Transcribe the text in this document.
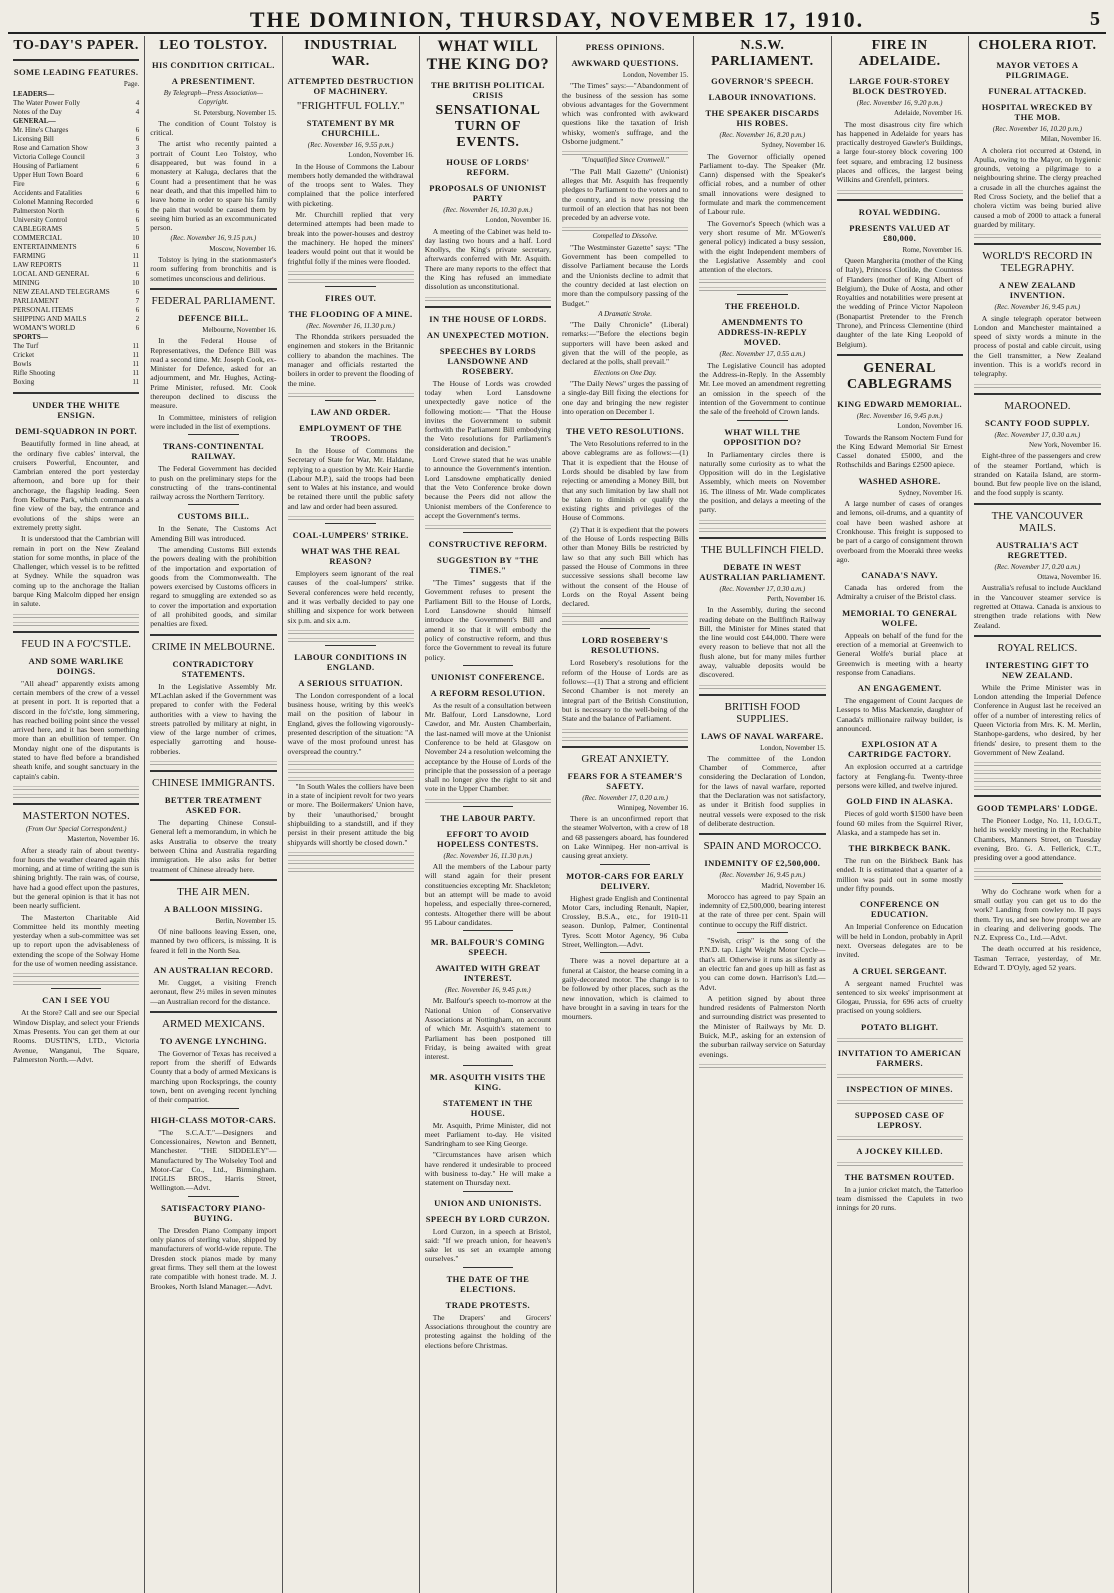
THE DOMINION, THURSDAY, NOVEMBER 17, 1910.	5
TO-DAY'S PAPER.
SOME LEADING FEATURES.
Page.
LEADERS—
The Water Power Folly	4
Notes of the Day	4
GENERAL—
Mr. Hine's Charges	6
Licensing Bill	6
Rose and Carnation Show	3
Victoria College Council	3
Housing of Parliament	6
Upper Hutt Town Board	6
Fire	6
Accidents and Fatalities	6
Colonel Manning Recorded	6
Palmerston North	6
University Control	6
CABLEGRAMS	5
COMMERCIAL	10
ENTERTAINMENTS	6
FARMING	11
LAW REPORTS	11
LOCAL AND GENERAL	6
MINING	10
NEW ZEALAND TELEGRAMS	6
PARLIAMENT	7
PERSONAL ITEMS	6
SHIPPING AND MAILS	2
WOMAN'S WORLD	6
SPORTS—
The Turf	11
Cricket	11
Bowls	11
Rifle Shooting	11
Boxing	11
UNDER THE WHITE ENSIGN.
DEMI-SQUADRON IN PORT.

Beautifully formed in line ahead, at the ordinary five cables' interval, the cruisers Powerful, Encounter, and Cambrian entered the port yesterday afternoon, and bore up for their anchorage, the flagship leading. Seen from Kelburne Park, which commands a fine view of the bay, the entrance and evolutions of the ships were an extremely pretty sight.

It is understood that the Cambrian will remain in port on the New Zealand station for some months, in place of the Challenger, which vessel is to be refitted at Sydney. While the squadron was coming up to the anchorage the Italian barque King Malcolm dipped her ensign in salute.

FEUD IN A FO'C'STLE.
AND SOME WARLIKE DOINGS.

"All ahead" apparently exists among certain members of the crew of a vessel at present in port. It is reported that a discord in the fo'c'stle, long simmering, has reached boiling point since the vessel arrived here, and it has been something more than an ebullition of temper. On Monday night one of the disputants is stated to have fled before a brandished sheath knife, and sought sanctuary in the captain's cabin.

MASTERTON NOTES.
(From Our Special Correspondent.)
Masterton, November 16.

After a steady rain of about twenty-four hours the weather cleared again this morning, and at time of writing the sun is shining brightly. The rain was, of course, have had a good effect upon the pastures, but the general opinion is that it has not been nearly sufficient.

The Masterton Charitable Aid Committee held its monthly meeting yesterday when a sub-committee was set up to report upon the advisableness of extending the scope of the Solway Home for the use of women needing assistance.

CAN I SEE YOU

At the Store? Call and see our Special Window Display, and select your Friends Xmas Presents. You can get them at our Rooms. DUSTIN'S, LTD., Victoria Avenue, Wanganui, The Square, Palmerston North.—Advt.

LEO TOLSTOY.
HIS CONDITION CRITICAL.
A PRESENTIMENT.
By Telegraph—Press Association—Copyright.
St. Petersburg, November 15.

The condition of Count Tolstoy is critical.

The artist who recently painted a portrait of Count Leo Tolstoy, who disappeared, but was found in a monastery at Kaluga, declares that the Count had a presentiment that he was near death, and that this impelled him to leave home in order to spare his family the pain that would be caused them by seeing him buried as an excommunicated person.

(Rec. November 16, 9.15 p.m.)
Moscow, November 16.

Tolstoy is lying in the stationmaster's room suffering from bronchitis and is sometimes unconscious and delirious.

FEDERAL PARLIAMENT.
DEFENCE BILL.
Melbourne, November 16.

In the Federal House of Representatives, the Defence Bill was read a second time. Mr. Joseph Cook, ex-Minister for Defence, asked for an adjournment, and Mr. Hughes, Acting-Prime Minister, refused. Mr. Cook thereupon declined to discuss the measure.

In Committee, ministers of religion were included in the list of exemptions.

TRANS-CONTINENTAL RAILWAY.

The Federal Government has decided to push on the preliminary steps for the constructing of the trans-continental railway across the Northern Territory.

CUSTOMS BILL.

In the Senate, The Customs Act Amending Bill was introduced.

The amending Customs Bill extends the powers dealing with the prohibition of the importation and exportation of goods from the Commonwealth. The powers exercised by Customs officers in regard to smuggling are extended so as to cover the importation and exportation of all prohibited goods, and similar penalties are fixed.

CRIME IN MELBOURNE.
CONTRADICTORY STATEMENTS.

In the Legislative Assembly Mr. M'Lachlan asked if the Government was prepared to confer with the Federal authorities with a view to having the streets patrolled by military at night, in view of the large number of crimes, especially garrotting and house-robberies.

CHINESE IMMIGRANTS.
BETTER TREATMENT ASKED FOR.

The departing Chinese Consul-General left a memorandum, in which he asks Australia to observe the treaty between China and Australia regarding immigration. He also asks for better treatment of Chinese already here.

THE AIR MEN.
A BALLOON MISSING.
Berlin, November 15.

Of nine balloons leaving Essen, one, manned by two officers, is missing. It is feared it fell in the North Sea.

AN AUSTRALIAN RECORD.

Mr. Cugget, a visiting French aeronaut, flew 2½ miles in seven minutes—an Australian record for the distance.

ARMED MEXICANS.
TO AVENGE LYNCHING.

The Governor of Texas has received a report from the sheriff of Edwards County that a body of armed Mexicans is marching upon Rocksprings, the county town, bent on avenging recent lynching of their compatriot.

HIGH-CLASS MOTOR-CARS.

"The S.C.A.T."—Designers and Concessionaires, Newton and Bennett, Manchester. "THE SIDDELEY"—Manufactured by The Wolseley Tool and Motor-Car Co., Ltd., Birmingham. INGLIS BROS., Harris Street, Wellington.—Advt.

SATISFACTORY PIANO-BUYING.

The Dresden Piano Company import only pianos of sterling value, shipped by manufacturers of world-wide repute. The Dresden stock pianos made by many great firms. They sell them at the lowest rate compatible with honest trade. M. J. Brookes, North Island Manager.—Advt.

INDUSTRIAL WAR.
ATTEMPTED DESTRUCTION OF MACHINERY.
"FRIGHTFUL FOLLY."
STATEMENT BY MR CHURCHILL.
(Rec. November 16, 9.55 p.m.)
London, November 16.

In the House of Commons the Labour members hotly demanded the withdrawal of the troops sent to Wales. They complained that the police interfered with picketing.

Mr. Churchill replied that very determined attempts had been made to break into the power-houses and destroy the machinery. He hoped the miners' leaders would point out that it would be frightful folly if the mines were flooded.

FIRES OUT.
THE FLOODING OF A MINE.
(Rec. November 16, 11.30 p.m.)

The Rhondda strikers persuaded the enginemen and stokers in the Britannic colliery to abandon the machines. The manager and officials restarted the boilers in order to prevent the flooding of the mine.

LAW AND ORDER.
EMPLOYMENT OF THE TROOPS.

In the House of Commons the Secretary of State for War, Mr. Haldane, replying to a question by Mr. Keir Hardie (Labour M.P.), said the troops had been sent to Wales at his instance, and would be retained there until the public safety and law and order had been assured.

COAL-LUMPERS' STRIKE.
WHAT WAS THE REAL REASON?

Employers seem ignorant of the real causes of the coal-lumpers' strike. Several conferences were held recently, and it was verbally decided to pay one shilling and sixpence for work between six p.m. and six a.m.

LABOUR CONDITIONS IN ENGLAND.
A SERIOUS SITUATION.

The London correspondent of a local business house, writing by this week's mail on the position of labour in England, gives the following vigorously-presented description of the situation: "A wave of the most profound unrest has overspread the country."

"In South Wales the colliers have been in a state of incipient revolt for two years or more. The Boilermakers' Union have, by their 'unauthorised,' brought shipbuilding to a standstill, and if they persist in their present attitude the big shipyards will shortly be closed down."

WHAT WILL THE KING DO?
THE BRITISH POLITICAL CRISIS
SENSATIONAL TURN OF EVENTS.
HOUSE OF LORDS' REFORM.
PROPOSALS OF UNIONIST PARTY
(Rec. November 16, 10.30 p.m.)
London, November 16.

A meeting of the Cabinet was held to-day lasting two hours and a half. Lord Knollys, the King's private secretary, afterwards conferred with Mr. Asquith. There are many reports to the effect that the King has refused an immediate dissolution as unconstitutional.

IN THE HOUSE OF LORDS.
AN UNEXPECTED MOTION.
SPEECHES BY LORDS LANSDOWNE AND ROSEBERY.

The House of Lords was crowded today when Lord Lansdowne unexpectedly gave notice of the following motion:— "That the House invites the Government to submit forthwith the Parliament Bill embodying the Veto resolutions for Parliament's consideration and decision."

Lord Crewe stated that he was unable to announce the Government's intention. Lord Lansdowne emphatically denied that the Veto Conference broke down because the Peers did not allow the Unionist members of the Conference to accept the Government's terms.

CONSTRUCTIVE REFORM.
SUGGESTION BY "THE TIMES."

"The Times" suggests that if the Government refuses to present the Parliament Bill to the House of Lords, Lord Lansdowne should himself introduce the Government's Bill and amend it so that it will embody the policy of constructive reform, and thus force the Government to reveal its future policy.

UNIONIST CONFERENCE.
A REFORM RESOLUTION.

As the result of a consultation between Mr. Balfour, Lord Lansdowne, Lord Cawdor, and Mr. Austen Chamberlain, the last-named will move at the Unionist Conference to be held at Glasgow on November 24 a resolution welcoming the acceptance by the House of Lords of the principle that the possession of a peerage shall no longer give the right to sit and vote in the Upper Chamber.

THE LABOUR PARTY.
EFFORT TO AVOID HOPELESS CONTESTS.
(Rec. November 16, 11.30 p.m.)

All the members of the Labour party will stand again for their present constituencies excepting Mr. Shackleton; but an attempt will be made to avoid hopeless, and especially three-cornered, contests. Altogether there will be about 95 Labour candidates.

MR. BALFOUR'S COMING SPEECH.
AWAITED WITH GREAT INTEREST.
(Rec. November 16, 9.45 p.m.)

Mr. Balfour's speech to-morrow at the National Union of Conservative Associations at Nottingham, on account of which Mr. Asquith's statement to Parliament has been postponed till Friday, is being awaited with great interest.

MR. ASQUITH VISITS THE KING.
STATEMENT IN THE HOUSE.

Mr. Asquith, Prime Minister, did not meet Parliament to-day. He visited Sandringham to see King George.

"Circumstances have arisen which have rendered it undesirable to proceed with business to-day." He will make a statement on Thursday next.

UNION AND UNIONISTS.
SPEECH BY LORD CURZON.

Lord Curzon, in a speech at Bristol, said: "If we preach union, for heaven's sake let us set an example among ourselves."

THE DATE OF THE ELECTIONS.
TRADE PROTESTS.

The Drapers' and Grocers' Associations throughout the country are protesting against the holding of the elections before Christmas.

PRESS OPINIONS.
AWKWARD QUESTIONS.
London, November 15.

"The Times" says:—"Abandonment of the business of the session has some obvious advantages for the Government which was confronted with awkward questions like the taxation of Irish whisky, women's suffrage, and the Osborne judgment."

"Unqualified Since Cromwell."

"The Pall Mall Gazette" (Unionist) alleges that Mr. Asquith has frequently pledges to Parliament to the voters and to the country, and is now pressing the turmoil of an election that has not been preceded by an adverse vote.

Compelled to Dissolve.

"The Westminster Gazette" says: "The Government has been compelled to dissolve Parliament because the Lords and the Unionists decline to admit that the country decided at last election on more than the compulsory passing of the Budget."

A Dramatic Stroke.

"The Daily Chronicle" (Liberal) remarks:—"Before the elections begin supporters will have been asked and given that the will of the people, as declared at the polls, shall prevail."

Elections on One Day.

"The Daily News" urges the passing of a single-day Bill fixing the elections for one day and bringing the new register into operation on December 1.

THE VETO RESOLUTIONS.

The Veto Resolutions referred to in the above cablegrams are as follows:—(1) That it is expedient that the House of Lords should be disabled by law from rejecting or amending a Money Bill, but that any such limitation by law shall not be taken to diminish or qualify the existing rights and privileges of the House of Commons.

(2) That it is expedient that the powers of the House of Lords respecting Bills other than Money Bills be restricted by law so that any such Bill which has passed the House of Commons in three successive sessions shall become law without the consent of the House of Lords on the Royal Assent being declared.

LORD ROSEBERY'S RESOLUTIONS.

Lord Rosebery's resolutions for the reform of the House of Lords are as follows:—(1) That a strong and efficient Second Chamber is not merely an integral part of the British Constitution, but is necessary to the well-being of the State and the balance of Parliament.

GREAT ANXIETY.
FEARS FOR A STEAMER'S SAFETY.
(Rec. November 17, 0.20 a.m.)
Winnipeg, November 16.

There is an unconfirmed report that the steamer Wolverton, with a crew of 18 and 68 passengers aboard, has foundered on Lake Winnipeg. Her non-arrival is causing great anxiety.

MOTOR-CARS FOR EARLY DELIVERY.

Highest grade English and Continental Motor Cars, including Renault, Napier, Crossley, B.S.A., etc., for 1910-11 season. Dunlop, Palmer, Continental Tyres. Scott Motor Agency, 96 Cuba Street, Wellington.—Advt.

There was a novel departure at a funeral at Caistor, the hearse coming in a gaily-decorated motor. The change is to be followed by other places, such as the new innovation, which is claimed to have brought in a saving in tears for the mourners.

N.S.W. PARLIAMENT.
GOVERNOR'S SPEECH.
LABOUR INNOVATIONS.
THE SPEAKER DISCARDS HIS ROBES.
(Rec. November 16, 8.20 p.m.)
Sydney, November 16.

The Governor officially opened Parliament to-day. The Speaker (Mr. Cann) dispensed with the Speaker's official robes, and a number of other small innovations were designed to formulate and mark the commencement of Labour rule.

The Governor's Speech (which was a very short resume of Mr. M'Gowen's general policy) indicated a busy session, with the eight Independent members of the Legislative Assembly and cool attention of the electors.

THE FREEHOLD.
AMENDMENTS TO ADDRESS-IN-REPLY MOVED.
(Rec. November 17, 0.55 a.m.)

The Legislative Council has adopted the Address-in-Reply. In the Assembly Mr. Lee moved an amendment regretting an omission in the speech of the intention of the Government to continue the sale of the freehold of Crown lands.

WHAT WILL THE OPPOSITION DO?

In Parliamentary circles there is naturally some curiosity as to what the Opposition will do in the Legislative Assembly, which meets on November 16. The illness of Mr. Wade complicates the position, and delays a meeting of the party.

THE BULLFINCH FIELD.
DEBATE IN WEST AUSTRALIAN PARLIAMENT.
(Rec. November 17, 0.30 a.m.)
Perth, November 16.

In the Assembly, during the second reading debate on the Bullfinch Railway Bill, the Minister for Mines stated that the line would cost £44,000. There were every reason to believe that not all the flush alone, but for many miles further away, valuable deposits would be discovered.

BRITISH FOOD SUPPLIES.
LAWS OF NAVAL WARFARE.
London, November 15.

The committee of the London Chamber of Commerce, after considering the Declaration of London, for the laws of naval warfare, reported that the Declaration was not satisfactory, as under it British food supplies in neutral vessels were exposed to the risk of deliberate destruction.

SPAIN AND MOROCCO.
INDEMNITY OF £2,500,000.
(Rec. November 16, 9.45 p.m.)
Madrid, November 16.

Morocco has agreed to pay Spain an indemnity of £2,500,000, bearing interest at the rate of three per cent. Spain will continue to occupy the Riff district.

"Swish, crisp" is the song of the P.N.D. tap. Light Weight Motor Cycle—that's all. Otherwise it runs as silently as an electric fan and goes up hill as fast as you can come down. Harrison's Ltd.—Advt.

A petition signed by about three hundred residents of Palmerston North and surrounding district was presented to the Minister of Railways by Mr. D. Buick, M.P., asking for an extension of the suburban railway service on Saturday evenings.

FIRE IN ADELAIDE.
LARGE FOUR-STOREY BLOCK DESTROYED.
(Rec. November 16, 9.20 p.m.)
Adelaide, November 16.

The most disastrous city fire which has happened in Adelaide for years has practically destroyed Gawler's Buildings, a large four-storey block covering 100 feet square, and embracing 12 business places and offices, the largest being Wilkins and Grenfell, printers.

ROYAL WEDDING.
PRESENTS VALUED AT £80,000.
Rome, November 16.

Queen Margherita (mother of the King of Italy), Princess Clotilde, the Countess of Flanders (mother of King Albert of Belgium), the Duke of Aosta, and other Royalties and notabilities were present at the wedding of Prince Victor Napoleon (Bonapartist Pretender to the French Throne), and Princess Clementine (third daughter of the late King Leopold of Belgium).

GENERAL CABLEGRAMS
KING EDWARD MEMORIAL.
(Rec. November 16, 9.45 p.m.)
London, November 16.

Towards the Ransom Noctem Fund for the King Edward Memorial Sir Ernest Cassel donated £5000, and the Rothschilds and Barings £2500 apiece.

WASHED ASHORE.
Sydney, November 16.

A large number of cases of oranges and lemons, oil-drums, and a quantity of coal have been washed ashore at Cronkhouse. This freight is supposed to be part of a cargo of consignment thrown overboard from the Moeraki three weeks ago.

CANADA'S NAVY.

Canada has ordered from the Admiralty a cruiser of the Bristol class.

MEMORIAL TO GENERAL WOLFE.

Appeals on behalf of the fund for the erection of a memorial at Greenwich to General Wolfe's burial place at Greenwich is meeting with a hearty response from Canadians.

AN ENGAGEMENT.

The engagement of Count Jacques de Lesseps to Miss Mackenzie, daughter of Canada's millionaire railway builder, is announced.

EXPLOSION AT A CARTRIDGE FACTORY.

An explosion occurred at a cartridge factory at Fenglang-fu. Twenty-three persons were killed, and twelve injured.

GOLD FIND IN ALASKA.

Pieces of gold worth $1500 have been found 60 miles from the Squirrel River, Alaska, and a stampede has set in.

THE BIRKBECK BANK.

The run on the Birkbeck Bank has ended. It is estimated that a quarter of a million was paid out in some mostly under fifty pounds.

CONFERENCE ON EDUCATION.

An Imperial Conference on Education will be held in London, probably in April next. Overseas delegates are to be invited.

A CRUEL SERGEANT.

A sergeant named Fruchtel was sentenced to six weeks' imprisonment at Glogau, Prussia, for 696 acts of cruelty practised on young soldiers.

POTATO BLIGHT.
INVITATION TO AMERICAN FARMERS.
INSPECTION OF MINES.
SUPPOSED CASE OF LEPROSY.
A JOCKEY KILLED.
THE BATSMEN ROUTED.

In a junior cricket match, the Tatterloo team dismissed the Capulets in two innings for 20 runs.

CHOLERA RIOT.
MAYOR VETOES A PILGRIMAGE.
FUNERAL ATTACKED.
HOSPITAL WRECKED BY THE MOB.
(Rec. November 16, 10.20 p.m.)
Milan, November 16.

A cholera riot occurred at Ostend, in Apulia, owing to the Mayor, on hygienic grounds, vetoing a pilgrimage to a neighbouring shrine. The clergy preached a crusade in all the churches against the Red Cross Society, and the belief that a cholera victim was being buried alive caused a mob of 2000 to attack a funeral guarded by military.

WORLD'S RECORD IN TELEGRAPHY.
A NEW ZEALAND INVENTION.
(Rec. November 16, 9.45 p.m.)

A single telegraph operator between London and Manchester maintained a speed of sixty words a minute in the process of postal and cable circuit, using the Gell transmitter, a New Zealand invention. This is a world's record in telegraphy.

MAROONED.
SCANTY FOOD SUPPLY.
(Rec. November 17, 0.30 a.m.)
New York, November 16.

Eight-three of the passengers and crew of the steamer Portland, which is stranded on Kataila Island, are storm-bound. But few people live on the island, and the food supply is scanty.

THE VANCOUVER MAILS.
AUSTRALIA'S ACT REGRETTED.
(Rec. November 17, 0.20 a.m.)
Ottawa, November 16.

Australia's refusal to include Auckland in the Vancouver steamer service is regretted at Ottawa. Canada is anxious to strengthen trade relations with New Zealand.

ROYAL RELICS.
INTERESTING GIFT TO NEW ZEALAND.

While the Prime Minister was in London attending the Imperial Defence Conference in August last he received an offer of a number of interesting relics of Queen Victoria from Mrs. K. M. Merlin, Stanhope-gardens, who desired, by her friends' desire, to present them to the Government of New Zealand.

GOOD TEMPLARS' LODGE.

The Pioneer Lodge, No. 11, I.O.G.T., held its weekly meeting in the Rechabite Chambers, Manners Street, on Tuesday evening, Bro. G. A. Fellerick, C.T., presiding over a good attendance.

Why do Cochrane work when for a small outlay you can get us to do the work? Landing from cowley no. II pays them. Try us, and see how prompt we are in clearing and delivering goods. The N.Z. Express Co., Ltd.—Advt.

The death occurred at his residence, Tasman Terrace, yesterday, of Mr. Edward T. D'Oyly, aged 52 years.
